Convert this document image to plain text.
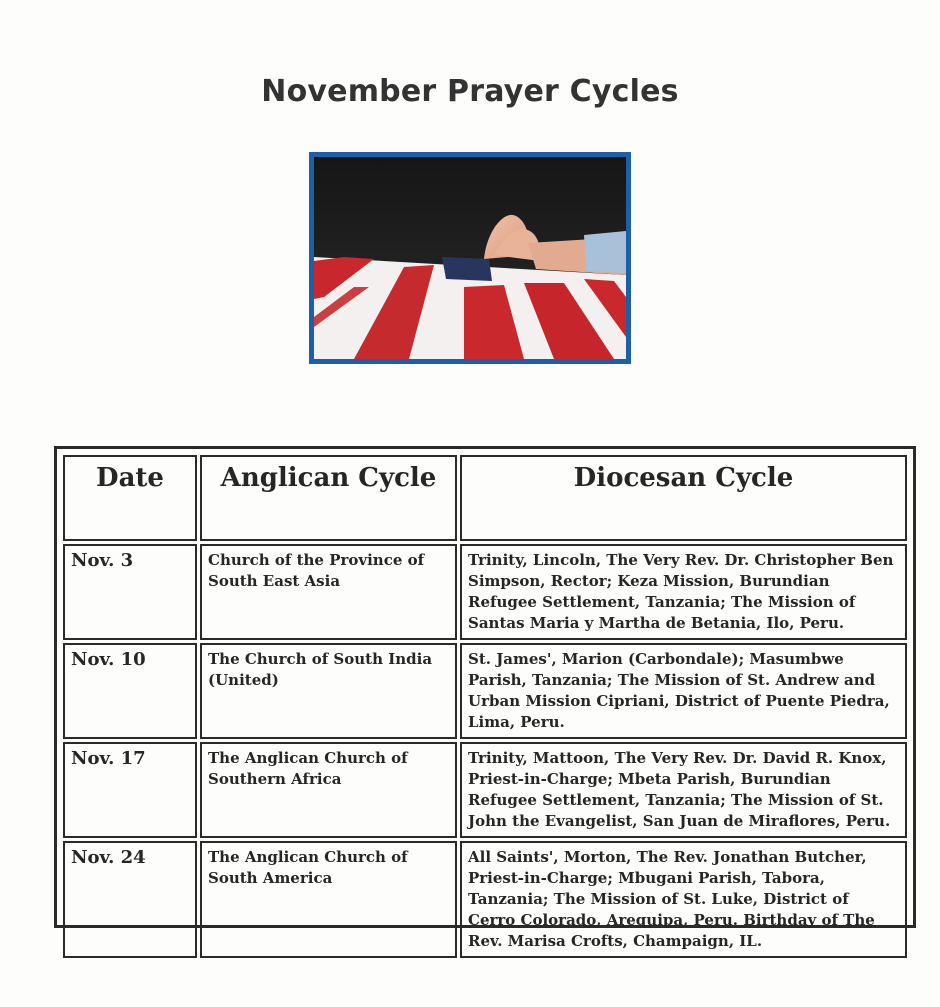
November Prayer Cycles
Date	Anglican Cycle	Diocesan Cycle
Nov. 3	Church of the Province of South East Asia	Trinity, Lincoln, The Very Rev. Dr. Christopher Ben Simpson, Rector; Keza Mission, Burundian Refugee Settlement, Tanzania; The Mission of Santas Maria y Martha de Betania, Ilo, Peru.
Nov. 10	The Church of South India (United)	St. James', Marion (Carbondale); Masumbwe Parish, Tanzania; The Mission of St. Andrew and Urban Mission Cipriani, District of Puente Piedra, Lima, Peru.
Nov. 17	The Anglican Church of Southern Africa	Trinity, Mattoon, The Very Rev. Dr. David R. Knox, Priest-in-Charge; Mbeta Parish, Burundian Refugee Settlement, Tanzania; The Mission of St. John the Evangelist, San Juan de Miraflores, Peru.
Nov. 24	The Anglican Church of South America	All Saints', Morton, The Rev. Jonathan Butcher, Priest-in-Charge; Mbugani Parish, Tabora, Tanzania; The Mission of St. Luke, District of Cerro Colorado, Arequipa, Peru. Birthday of The Rev. Marisa Crofts, Champaign, IL.
